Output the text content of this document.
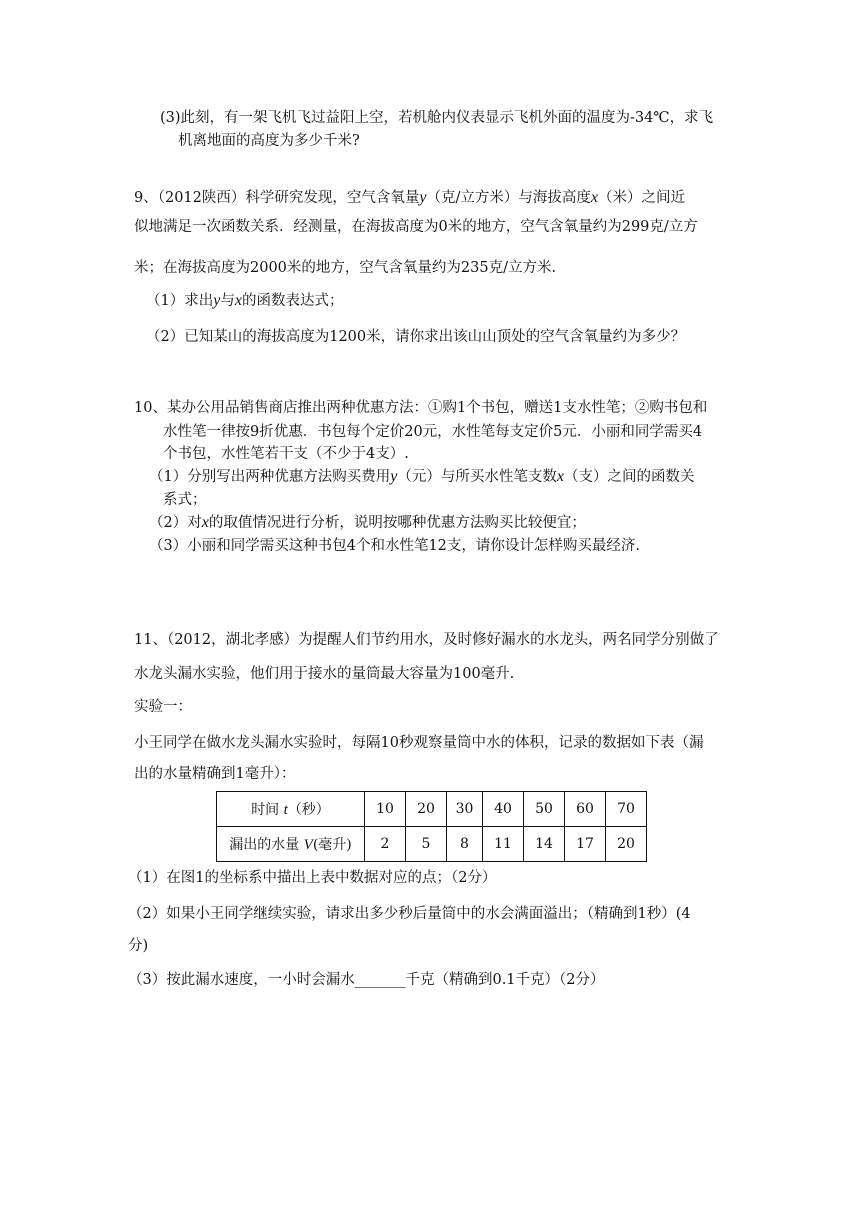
(3)此刻，有一架飞机飞过益阳上空，若机舱内仪表显示飞机外面的温度为-34℃，求飞
机离地面的高度为多少千米?
9、（2012陕西）科学研究发现，空气含氧量y（克/立方米）与海拔高度x（米）之间近
似地满足一次函数关系．经测量，在海拔高度为0米的地方，空气含氧量约为299克/立方
米；在海拔高度为2000米的地方，空气含氧量约为235克/立方米.
（1）求出y与x的函数表达式；
（2）已知某山的海拔高度为1200米，请你求出该山山顶处的空气含氧量约为多少？
10、某办公用品销售商店推出两种优惠方法：①购1个书包，赠送1支水性笔；②购书包和
水性笔一律按9折优惠．书包每个定价20元，水性笔每支定价5元．小丽和同学需买4
个书包，水性笔若干支（不少于4支）.
（1）分别写出两种优惠方法购买费用y（元）与所买水性笔支数x（支）之间的函数关
系式；
（2）对x的取值情况进行分析，说明按哪种优惠方法购买比较便宜；
（3）小丽和同学需买这种书包4个和水性笔12支，请你设计怎样购买最经济.
11、（2012，湖北孝感）为提醒人们节约用水，及时修好漏水的水龙头，两名同学分别做了
水龙头漏水实验，他们用于接水的量筒最大容量为100毫升.
实验一：
小王同学在做水龙头漏水实验时，每隔10秒观察量筒中水的体积，记录的数据如下表（漏
出的水量精确到1毫升）：
时间 t（秒）	10	20	30	40	50	60	70
漏出的水量 V(毫升)	2	5	8	11	14	17	20
（1）在图1的坐标系中描出上表中数据对应的点；（2分）
（2）如果小王同学继续实验，请求出多少秒后量筒中的水会满面溢出；（精确到1秒）(4
分)
（3）按此漏水速度，一小时会漏水_______千克（精确到0.1千克）（2分）
